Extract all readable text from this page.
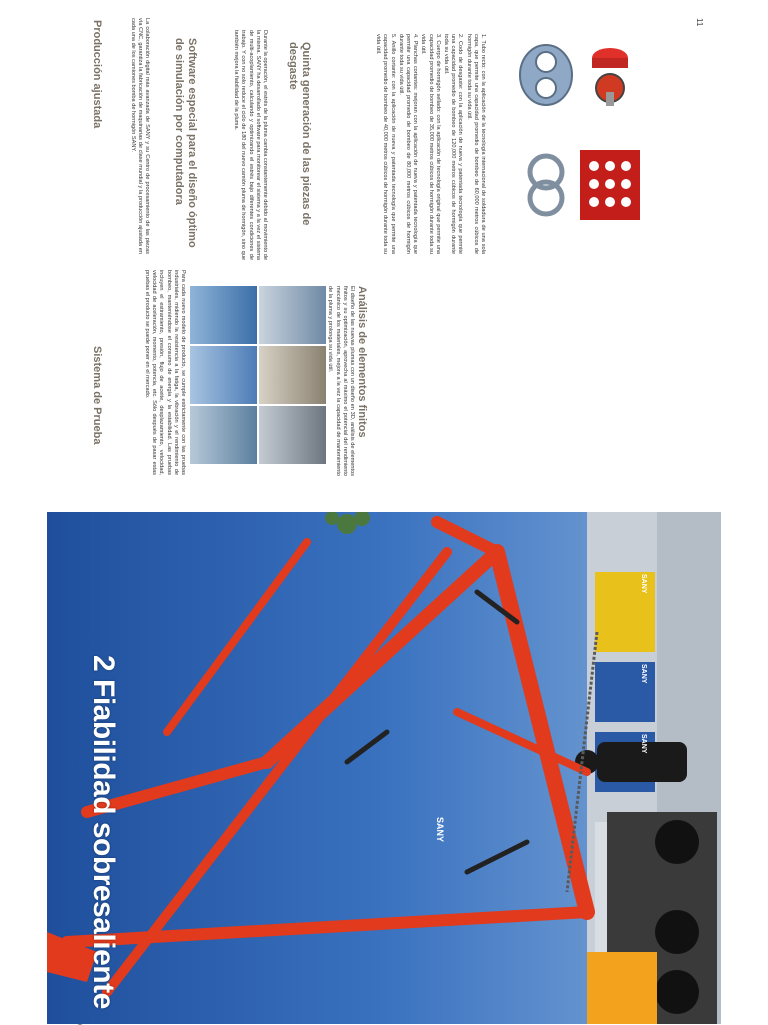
11
SANY
SANY
SANY
SANY
2 Fiabilidad sobresaliente
Sistema de Prueba	Para cada nuevo modelo de producto, se cumple estrictamente con las pruebas industriales, midiendo la resistencia a la fatiga, la vibración y el rendimiento de bombeo, manteniéndose el consumo de energía y la estabilidad. Las pruebas incluyen el estiramiento, presión, flujo de aceite, desplazamiento, velocidad, velocidad de aceleración, momento, potencia, etc. Sólo después de pasar estas pruebas el producto se puede poner en el mercado.	Análisis de elementos finitos
El diseño de las nuevas plumas con un diseño en 3D, análisis de elementos finitos y su optimización, aprovecha al máximo el potencial del rendimiento mecánico de los materiales, mejora a la vez la capacidad de mantenimiento de la pluma y prolonga su vida útil.
Producción ajustada	La colaboración digital más avanzada de SANY y su Centro de procesamiento de las piezas vía CNC, garantiza la fabricación de maquinarias de clase mundial y la producción ajustada en cada una de los camiones bomba de hormigón SANY.	Software especial para el diseño óptimo de simulación por computadora	Durante la operación, el estrés de la pluma cambia constantemente debido al movimiento de la misma. SANY ha desarrollado el software para monitorear el sistema y a la vez el sistema de multi-acoplamiento, calculando y optimizando el estrés bajo diferentes condiciones de trabajo. Y con no solo reduce el ciclo de 180 del nuevo camión pluma de hormigón, sino que también mejora la fiabilidad de la pluma.	Quinta generación de las piezas de desgaste	1. Tubo recto: con la aplicación de la tecnología internacional de soldadura de una sola capa, que permite una capacidad promedio de bombeo de 60,000 metros cúbicos de hormigón durante toda su vida útil.
2. Codo de desgaste: con la aplicación de nueva y patentada tecnología que permite una capacidad promedio de bombeo de 120,000 metros cúbicos de hormigón durante toda su vida útil.
3. Cuerpo de hormigón sellado: con la aplicación de tecnología original que permite una capacidad promedio de bombeo de 35,000 metros cúbicos de hormigón durante toda su vida útil.
4. Planchas cortantes: mejoran con la aplicación de nueva y patentada tecnología que permite una capacidad promedio de bombeo de 80,000 metros cúbicos de hormigón durante toda su vida útil.
5. Anillo cortante: con la aplicación de nueva y patentada tecnología que permite una capacidad promedio de bombeo de 40,000 metros cúbicos de hormigón durante toda su vida útil.
